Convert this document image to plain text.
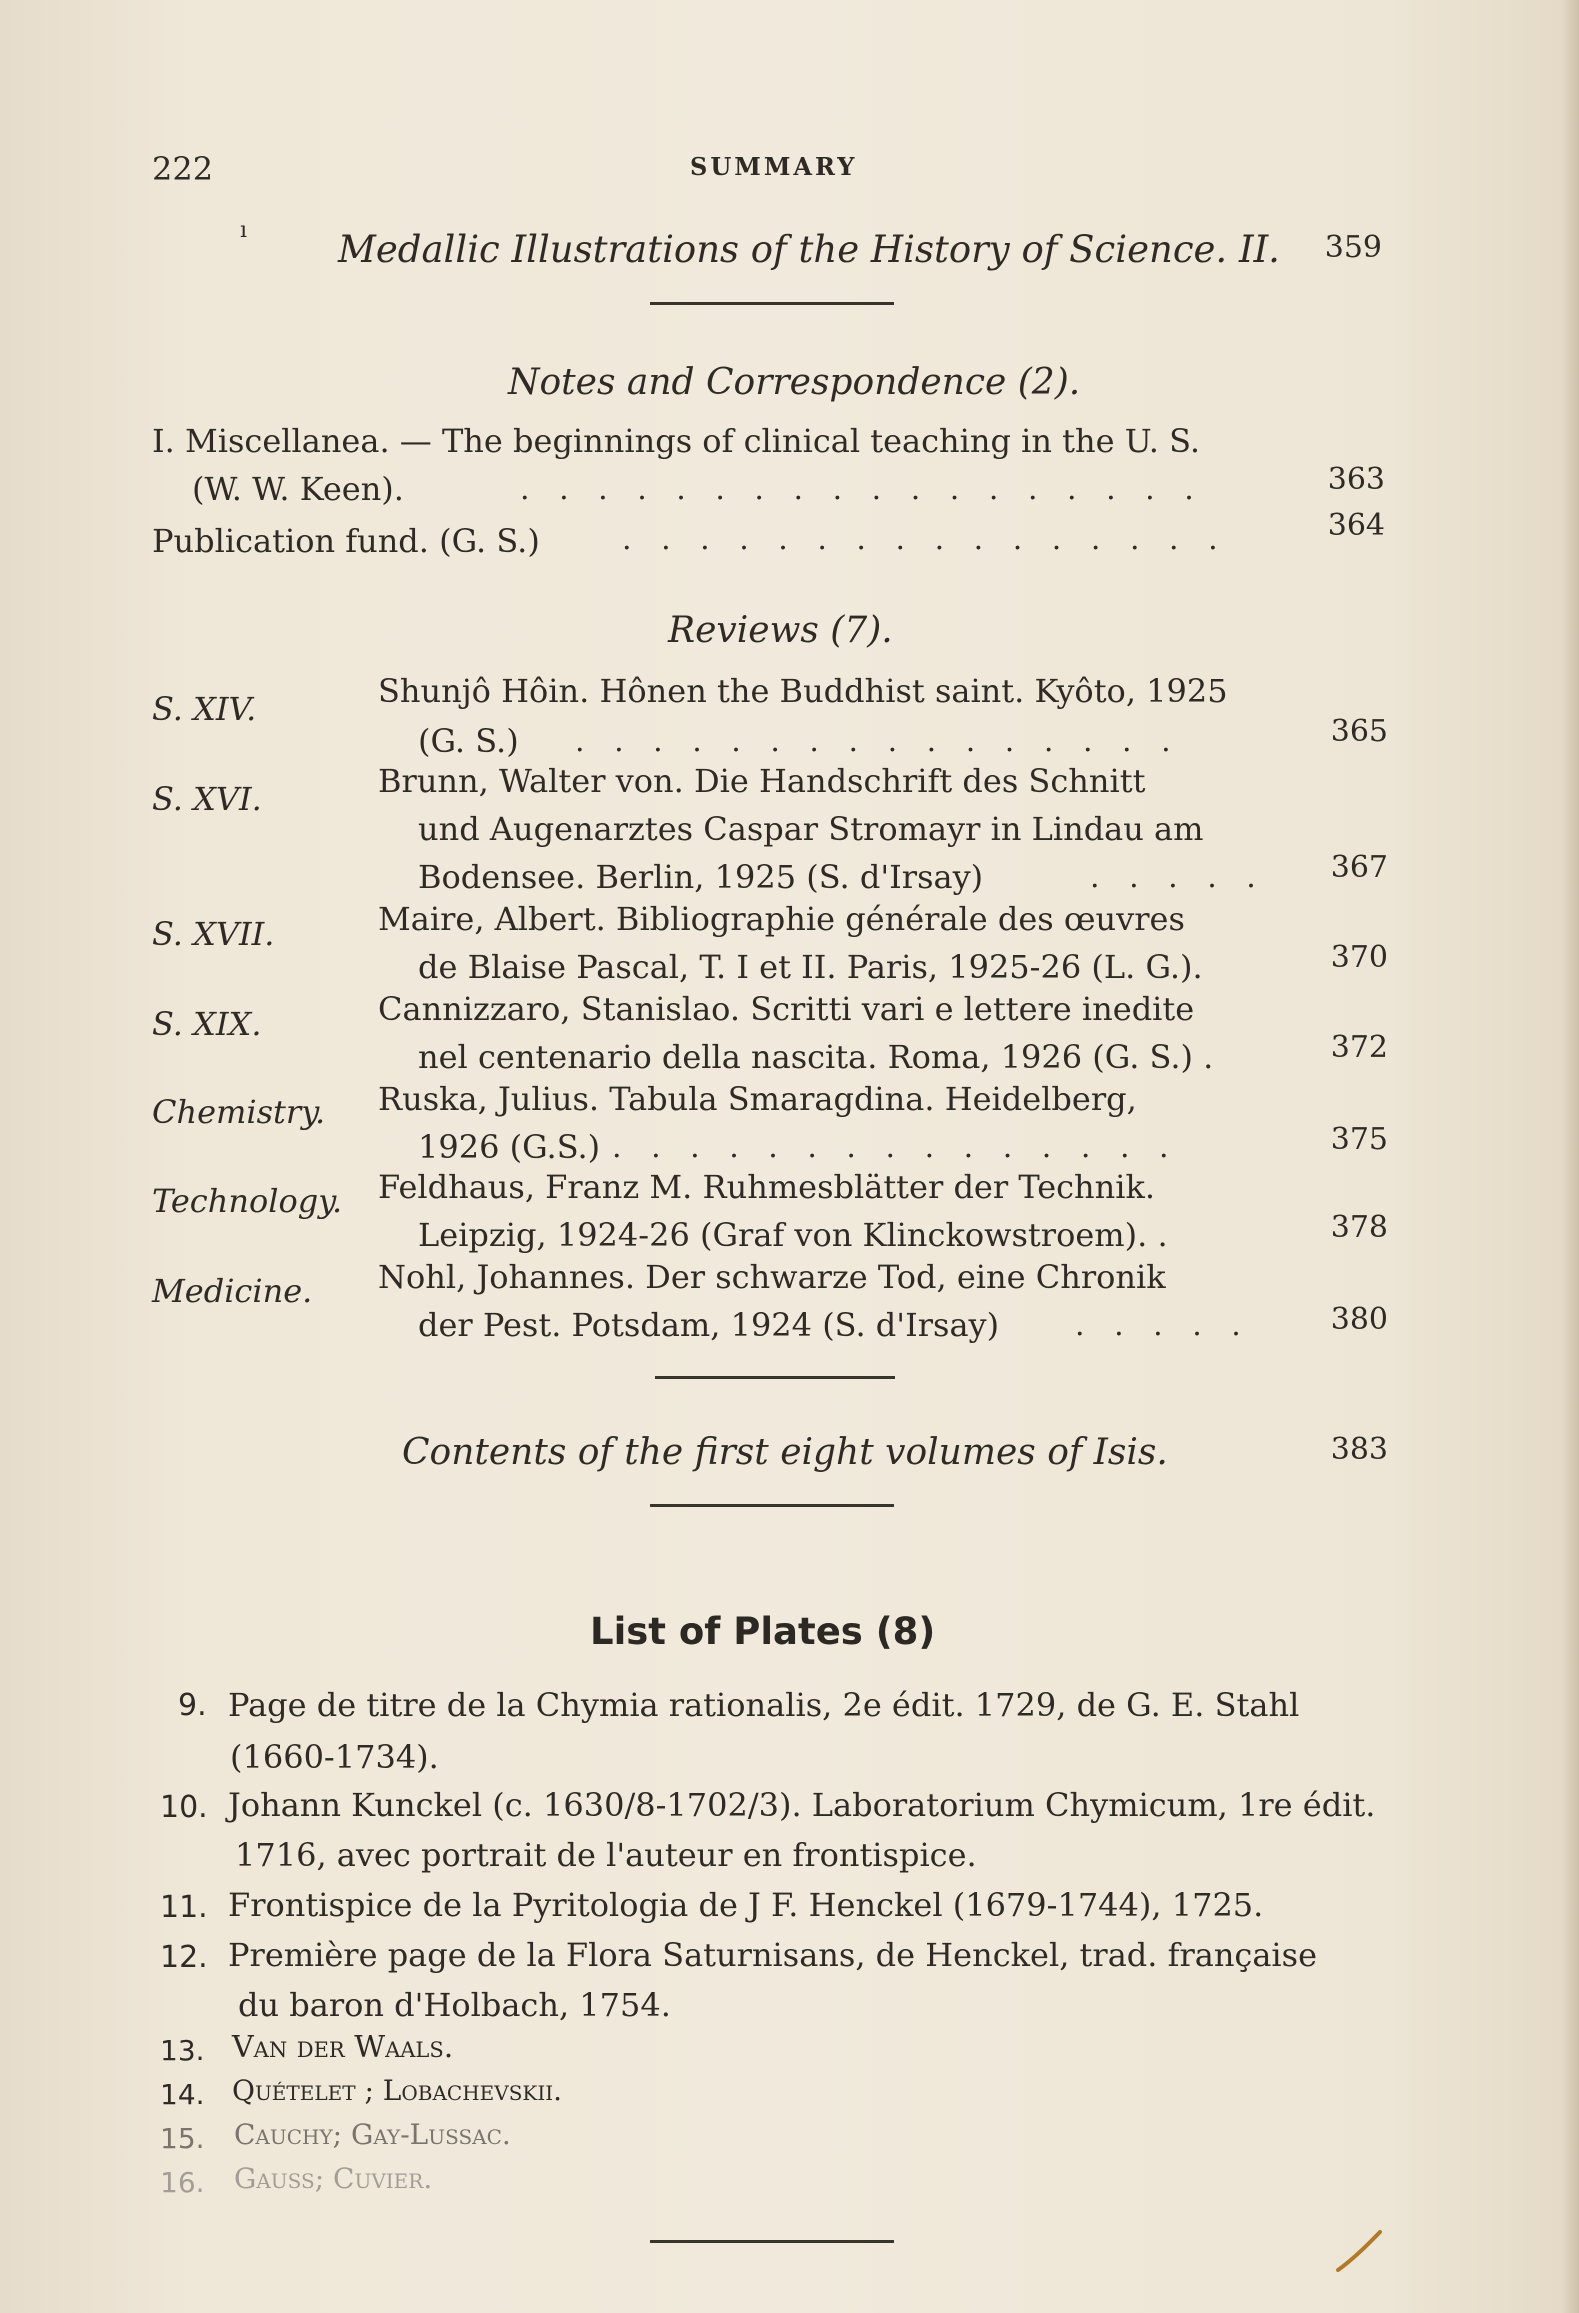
222	SUMMARY
ı Medallic Illustrations of the History of Science. II.	359
Notes and Correspondence (2).
I. Miscellanea. — The beginnings of clinical teaching in the U. S.
(W. W. Keen).	. . . . . . . . . . . . . . . . . .	363
Publication fund. (G. S.)	. . . . . . . . . . . . . . . .	364
Reviews (7).
S. XIV.	Shunjô Hôin. Hônen the Buddhist saint. Kyôto, 1925
(G. S.) . . . . . . . . . . . . . . . .	365
S. XVI.	Brunn, Walter von. Die Handschrift des Schnitt
und Augenarztes Caspar Stromayr in Lindau am
Bodensee. Berlin, 1925 (S. d'Irsay)	. . . . .	367
S. XVII.	Maire, Albert. Bibliographie générale des œuvres
de Blaise Pascal, T. I et II. Paris, 1925-26 (L. G.).	370
S. XIX.	Cannizzaro, Stanislao. Scritti vari e lettere inedite
nel centenario della nascita. Roma, 1926 (G. S.) .	372
Chemistry. Ruska, Julius. Tabula Smaragdina. Heidelberg,
1926 (G.S.) . . . . . . . . . . . . . . .	375
Technology. Feldhaus, Franz M. Ruhmesblätter der Technik.
Leipzig, 1924-26 (Graf von Klinckowstroem). .	378
Medicine. Nohl, Johannes. Der schwarze Tod, eine Chronik
der Pest. Potsdam, 1924 (S. d'Irsay)	. . . . .	380
Contents of the first eight volumes of Isis.	383
List of Plates (8)
9. Page de titre de la Chymia rationalis, 2e édit. 1729, de G. E. Stahl
(1660-1734).
10. Johann Kunckel (c. 1630/8-1702/3). Laboratorium Chymicum, 1re édit.
1716, avec portrait de l'auteur en frontispice.
11. Frontispice de la Pyritologia de J F. Henckel (1679-1744), 1725.
12. Première page de la Flora Saturnisans, de Henckel, trad. française
du baron d'Holbach, 1754.
13. Van der Waals.
14. Quételet ; Lobachevskii.
15. Cauchy; Gay-Lussac.
16. Gauss; Cuvier.
